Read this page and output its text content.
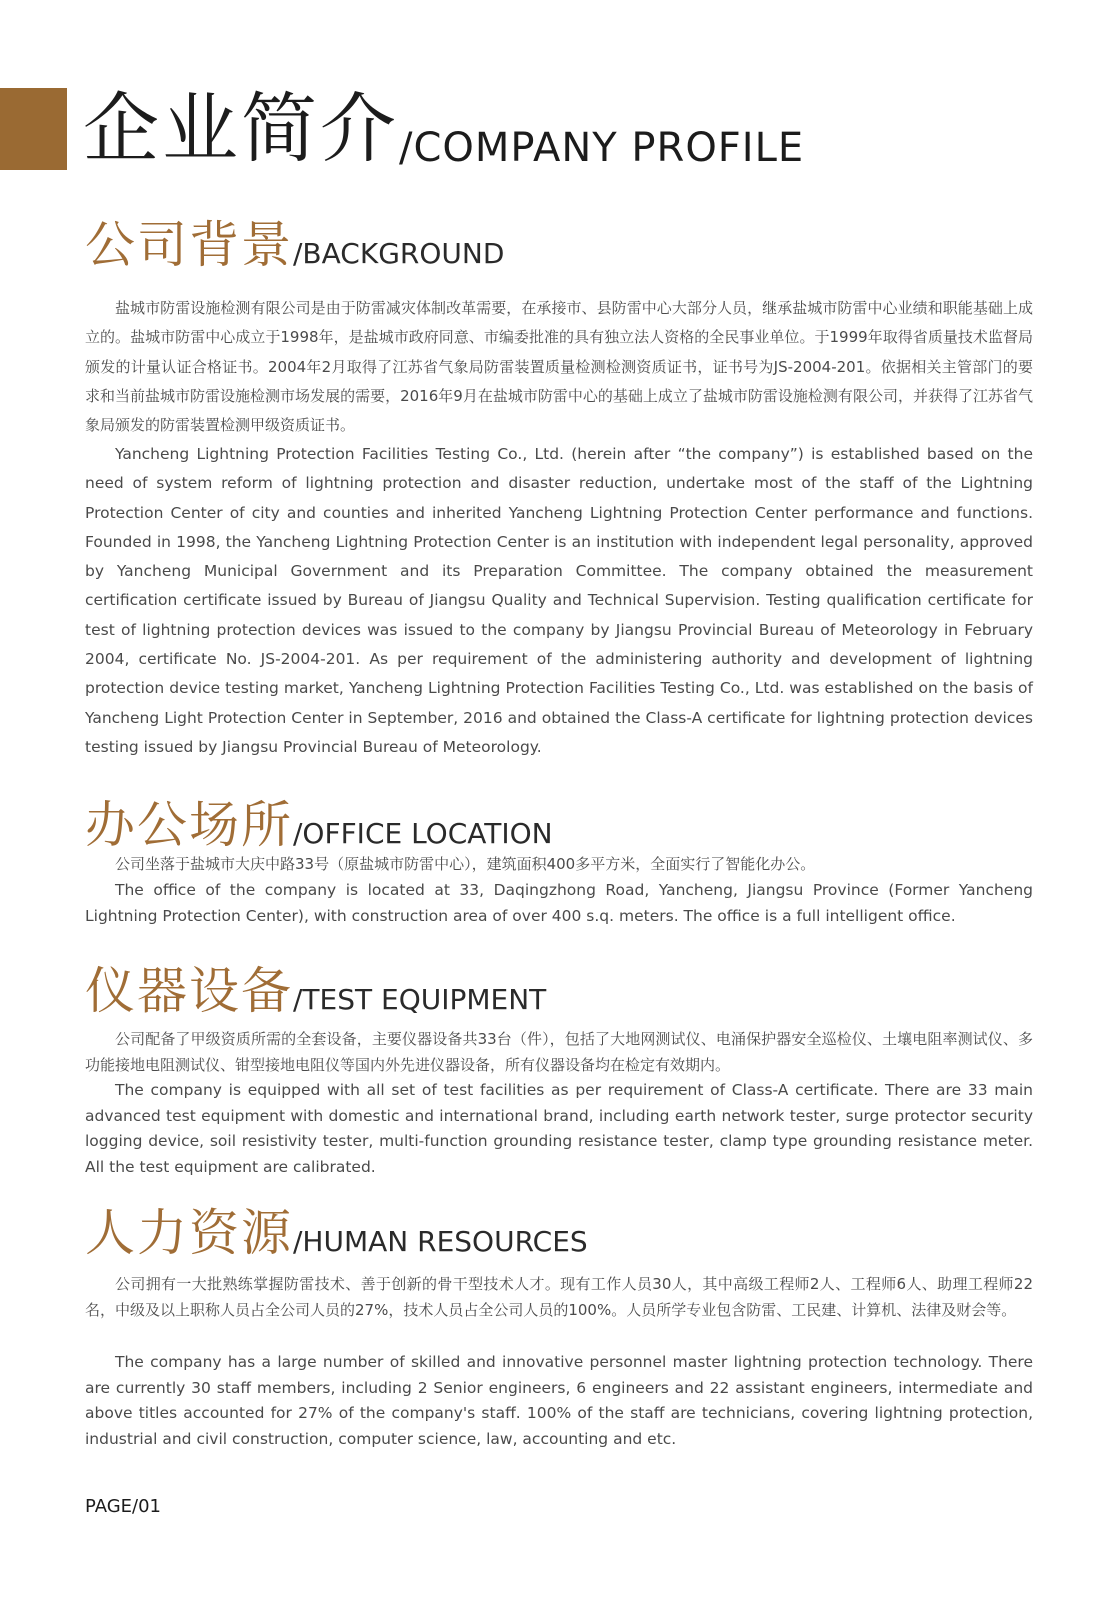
企业简介 /COMPANY PROFILE
公司背景 /BACKGROUND

盐城市防雷设施检测有限公司是由于防雷减灾体制改革需要，在承接市、县防雷中心大部分人员，继承盐城市防雷中心业绩和职能基础上成立的。盐城市防雷中心成立于1998年，是盐城市政府同意、市编委批准的具有独立法人资格的全民事业单位。于1999年取得省质量技术监督局颁发的计量认证合格证书。2004年2月取得了江苏省气象局防雷装置质量检测检测资质证书，证书号为JS-2004-201。依据相关主管部门的要求和当前盐城市防雷设施检测市场发展的需要，2016年9月在盐城市防雷中心的基础上成立了盐城市防雷设施检测有限公司，并获得了江苏省气象局颁发的防雷装置检测甲级资质证书。

Yancheng Lightning Protection Facilities Testing Co., Ltd. (herein after “the company”) is established based on the need of system reform of lightning protection and disaster reduction, undertake most of the staff of the Lightning Protection Center of city and counties and inherited Yancheng Lightning Protection Center performance and functions. Founded in 1998, the Yancheng Lightning Protection Center is an institution with independent legal personality, approved by Yancheng Municipal Government and its Preparation Committee. The company obtained the measurement certification certificate issued by Bureau of Jiangsu Quality and Technical Supervision. Testing qualification certificate for test of lightning protection devices was issued to the company by Jiangsu Provincial Bureau of Meteorology in February 2004, certificate No. JS-2004-201. As per requirement of the administering authority and development of lightning protection device testing market, Yancheng Lightning Protection Facilities Testing Co., Ltd. was established on the basis of Yancheng Light Protection Center in September, 2016 and obtained the Class-A certificate for lightning protection devices testing issued by Jiangsu Provincial Bureau of Meteorology.

办公场所 /OFFICE LOCATION

公司坐落于盐城市大庆中路33号（原盐城市防雷中心），建筑面积400多平方米，全面实行了智能化办公。

The office of the company is located at 33, Daqingzhong Road, Yancheng, Jiangsu Province (Former Yancheng Lightning Protection Center), with construction area of over 400 s.q. meters. The office is a full intelligent office.

仪器设备 /TEST EQUIPMENT

公司配备了甲级资质所需的全套设备，主要仪器设备共33台（件），包括了大地网测试仪、电涌保护器安全巡检仪、土壤电阻率测试仪、多功能接地电阻测试仪、钳型接地电阻仪等国内外先进仪器设备，所有仪器设备均在检定有效期内。

The company is equipped with all set of test facilities as per requirement of Class-A certificate. There are 33 main advanced test equipment with domestic and international brand, including earth network tester, surge protector security logging device, soil resistivity tester, multi-function grounding resistance tester, clamp type grounding resistance meter. All the test equipment are calibrated.

人力资源 /HUMAN RESOURCES

公司拥有一大批熟练掌握防雷技术、善于创新的骨干型技术人才。现有工作人员30人，其中高级工程师2人、工程师6人、助理工程师22名，中级及以上职称人员占全公司人员的27%，技术人员占全公司人员的100%。人员所学专业包含防雷、工民建、计算机、法律及财会等。

The company has a large number of skilled and innovative personnel master lightning protection technology. There are currently 30 staff members, including 2 Senior engineers, 6 engineers and 22 assistant engineers, intermediate and above titles accounted for 27% of the company's staff. 100% of the staff are technicians, covering lightning protection, industrial and civil construction, computer science, law, accounting and etc.

PAGE/01
